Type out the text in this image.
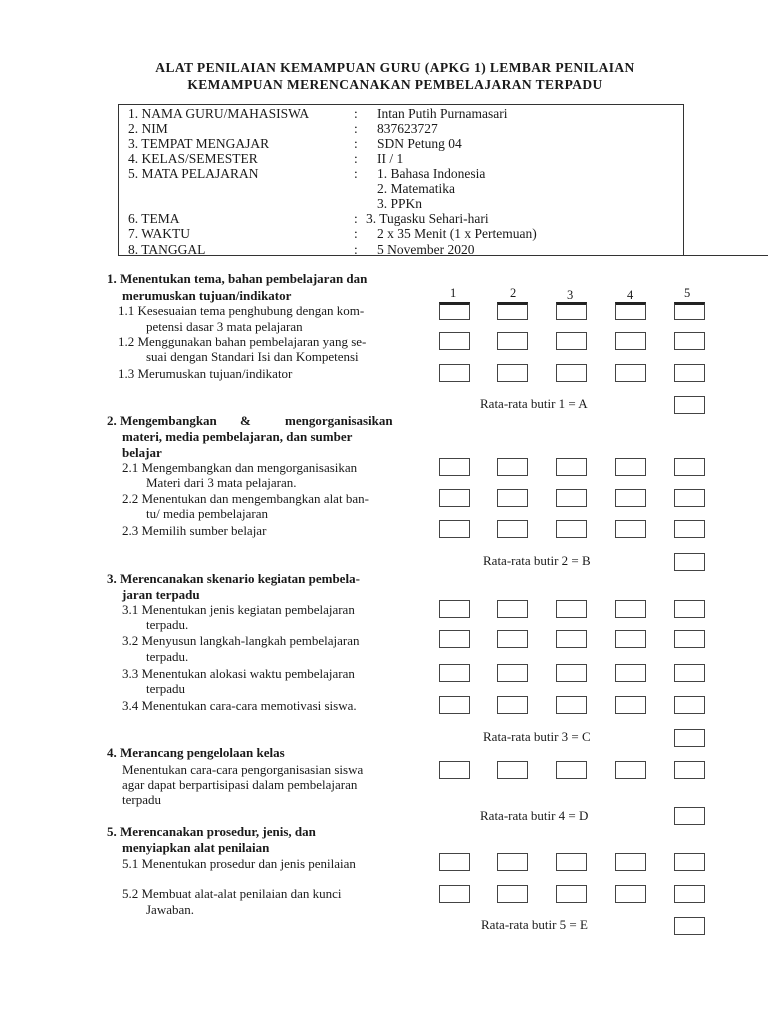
ALAT PENILAIAN KEMAMPUAN GURU (APKG 1) LEMBAR PENILAIAN
KEMAMPUAN MERENCANAKAN PEMBELAJARAN TERPADU
1. NAMA GURU/MAHASISWA	: Intan Putih Purnamasari
2. NIM	: 837623727
3. TEMPAT MENGAJAR	: SDN Petung 04
4. KELAS/SEMESTER	: II / 1
5. MATA PELAJARAN	: 1. Bahasa Indonesia
2. Matematika
3. PPKn
6. TEMA	: 3. Tugasku Sehari-hari
7. WAKTU	: 2 x 35 Menit (1 x Pertemuan)
8. TANGGAL	: 5 November 2020
1	2	3	4	5
1. Menentukan tema, bahan pembelajaran dan
merumuskan tujuan/indikator
1.1 Kesesuaian tema penghubung dengan kom-
petensi dasar 3 mata pelajaran
1.2 Menggunakan bahan pembelajaran yang se-
suai dengan Standari Isi dan Kompetensi
1.3 Merumuskan tujuan/indikator
Rata-rata butir 1 = A
2. Mengembangkan &	mengorganisasikan
materi, media pembelajaran, dan sumber
belajar
2.1 Mengembangkan dan mengorganisasikan
Materi dari 3 mata pelajaran.
2.2 Menentukan dan mengembangkan alat ban-
tu/ media pembelajaran
2.3 Memilih sumber belajar
Rata-rata butir 2 = B
3. Merencanakan skenario kegiatan pembela-
jaran terpadu
3.1 Menentukan jenis kegiatan pembelajaran
terpadu.
3.2 Menyusun langkah-langkah pembelajaran
terpadu.
3.3 Menentukan alokasi waktu pembelajaran
terpadu
3.4 Menentukan cara-cara memotivasi siswa.
Rata-rata butir 3 = C
4. Merancang pengelolaan kelas
Menentukan cara-cara pengorganisasian siswa
agar dapat berpartisipasi dalam pembelajaran
terpadu
Rata-rata butir 4 = D
5. Merencanakan prosedur, jenis, dan
menyiapkan alat penilaian
5.1 Menentukan prosedur dan jenis penilaian
5.2 Membuat alat-alat penilaian dan kunci
Jawaban.
Rata-rata butir 5 = E
